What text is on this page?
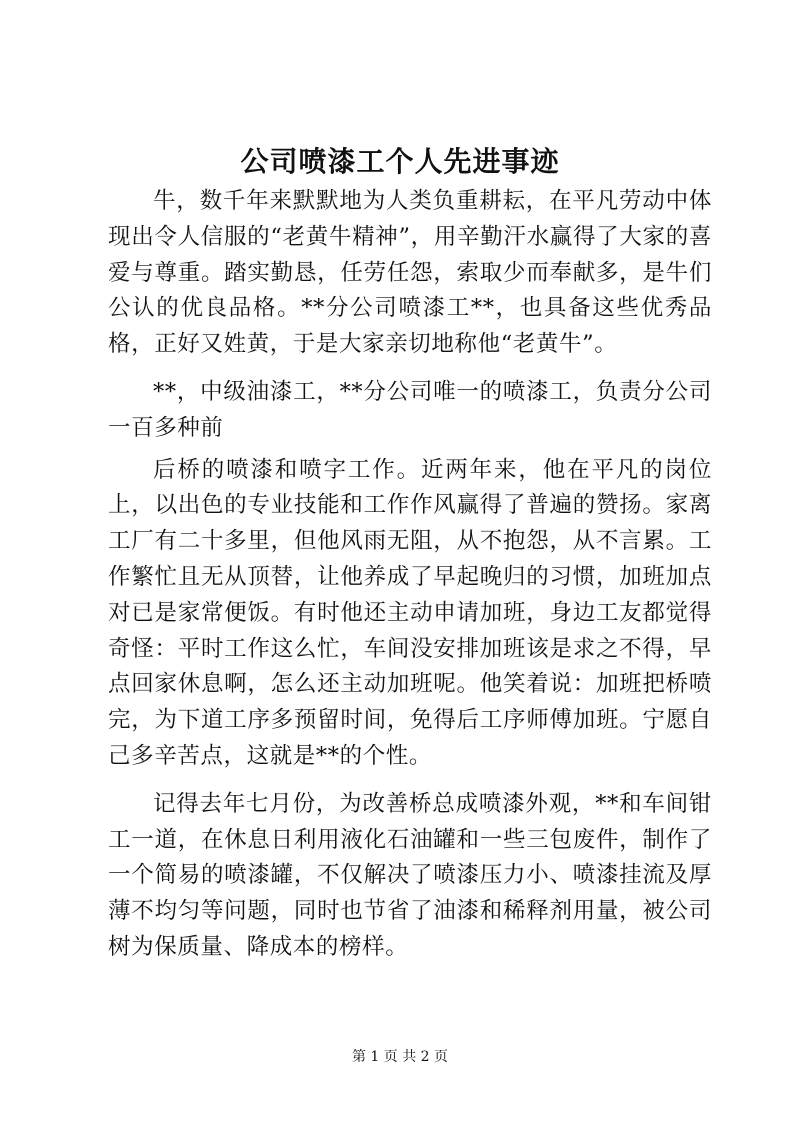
公司喷漆工个人先进事迹

牛，数千年来默默地为人类负重耕耘，在平凡劳动中体现出令人信服的“老黄牛精神”，用辛勤汗水赢得了大家的喜爱与尊重。踏实勤恳，任劳任怨，索取少而奉献多，是牛们公认的优良品格。**分公司喷漆工**，也具备这些优秀品格，正好又姓黄，于是大家亲切地称他“老黄牛”。

**，中级油漆工，**分公司唯一的喷漆工，负责分公司一百多种前

后桥的喷漆和喷字工作。近两年来，他在平凡的岗位上，以出色的专业技能和工作作风赢得了普遍的赞扬。家离工厂有二十多里，但他风雨无阻，从不抱怨，从不言累。工作繁忙且无从顶替，让他养成了早起晚归的习惯，加班加点对已是家常便饭。有时他还主动申请加班，身边工友都觉得奇怪：平时工作这么忙，车间没安排加班该是求之不得，早点回家休息啊，怎么还主动加班呢。他笑着说：加班把桥喷完，为下道工序多预留时间，免得后工序师傅加班。宁愿自己多辛苦点，这就是**的个性。

记得去年七月份，为改善桥总成喷漆外观，**和车间钳工一道，在休息日利用液化石油罐和一些三包废件，制作了一个简易的喷漆罐，不仅解决了喷漆压力小、喷漆挂流及厚薄不均匀等问题，同时也节省了油漆和稀释剂用量，被公司树为保质量、降成本的榜样。

第 1 页 共 2 页
